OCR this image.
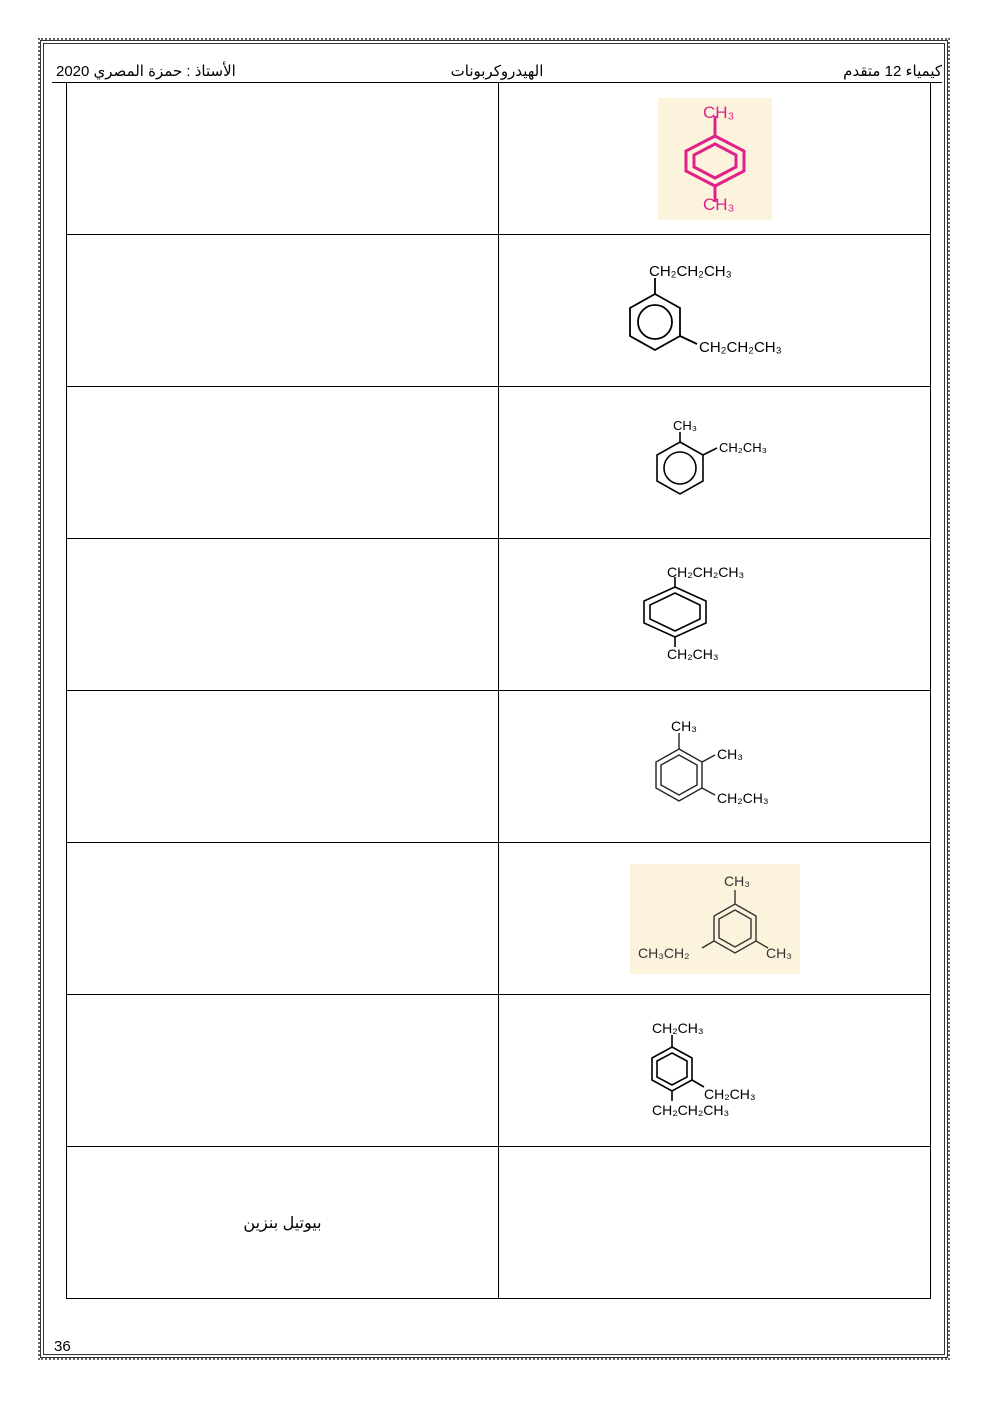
الأستاذ : حمزة المصري 2020	الهيدروكربونات	كيمياء 12 متقدم

CH₃
CH₃

CH₂CH₂CH₃
CH₂CH₂CH₃

CH₃
CH₂CH₃

CH₂CH₂CH₃
CH₂CH₃

CH₃
CH₃
CH₂CH₃

CH₃
CH₃CH₂ CH₃

CH₂CH₃
CH₂CH₃
CH₂CH₂CH₃

بيوتيل بنزين	
36
